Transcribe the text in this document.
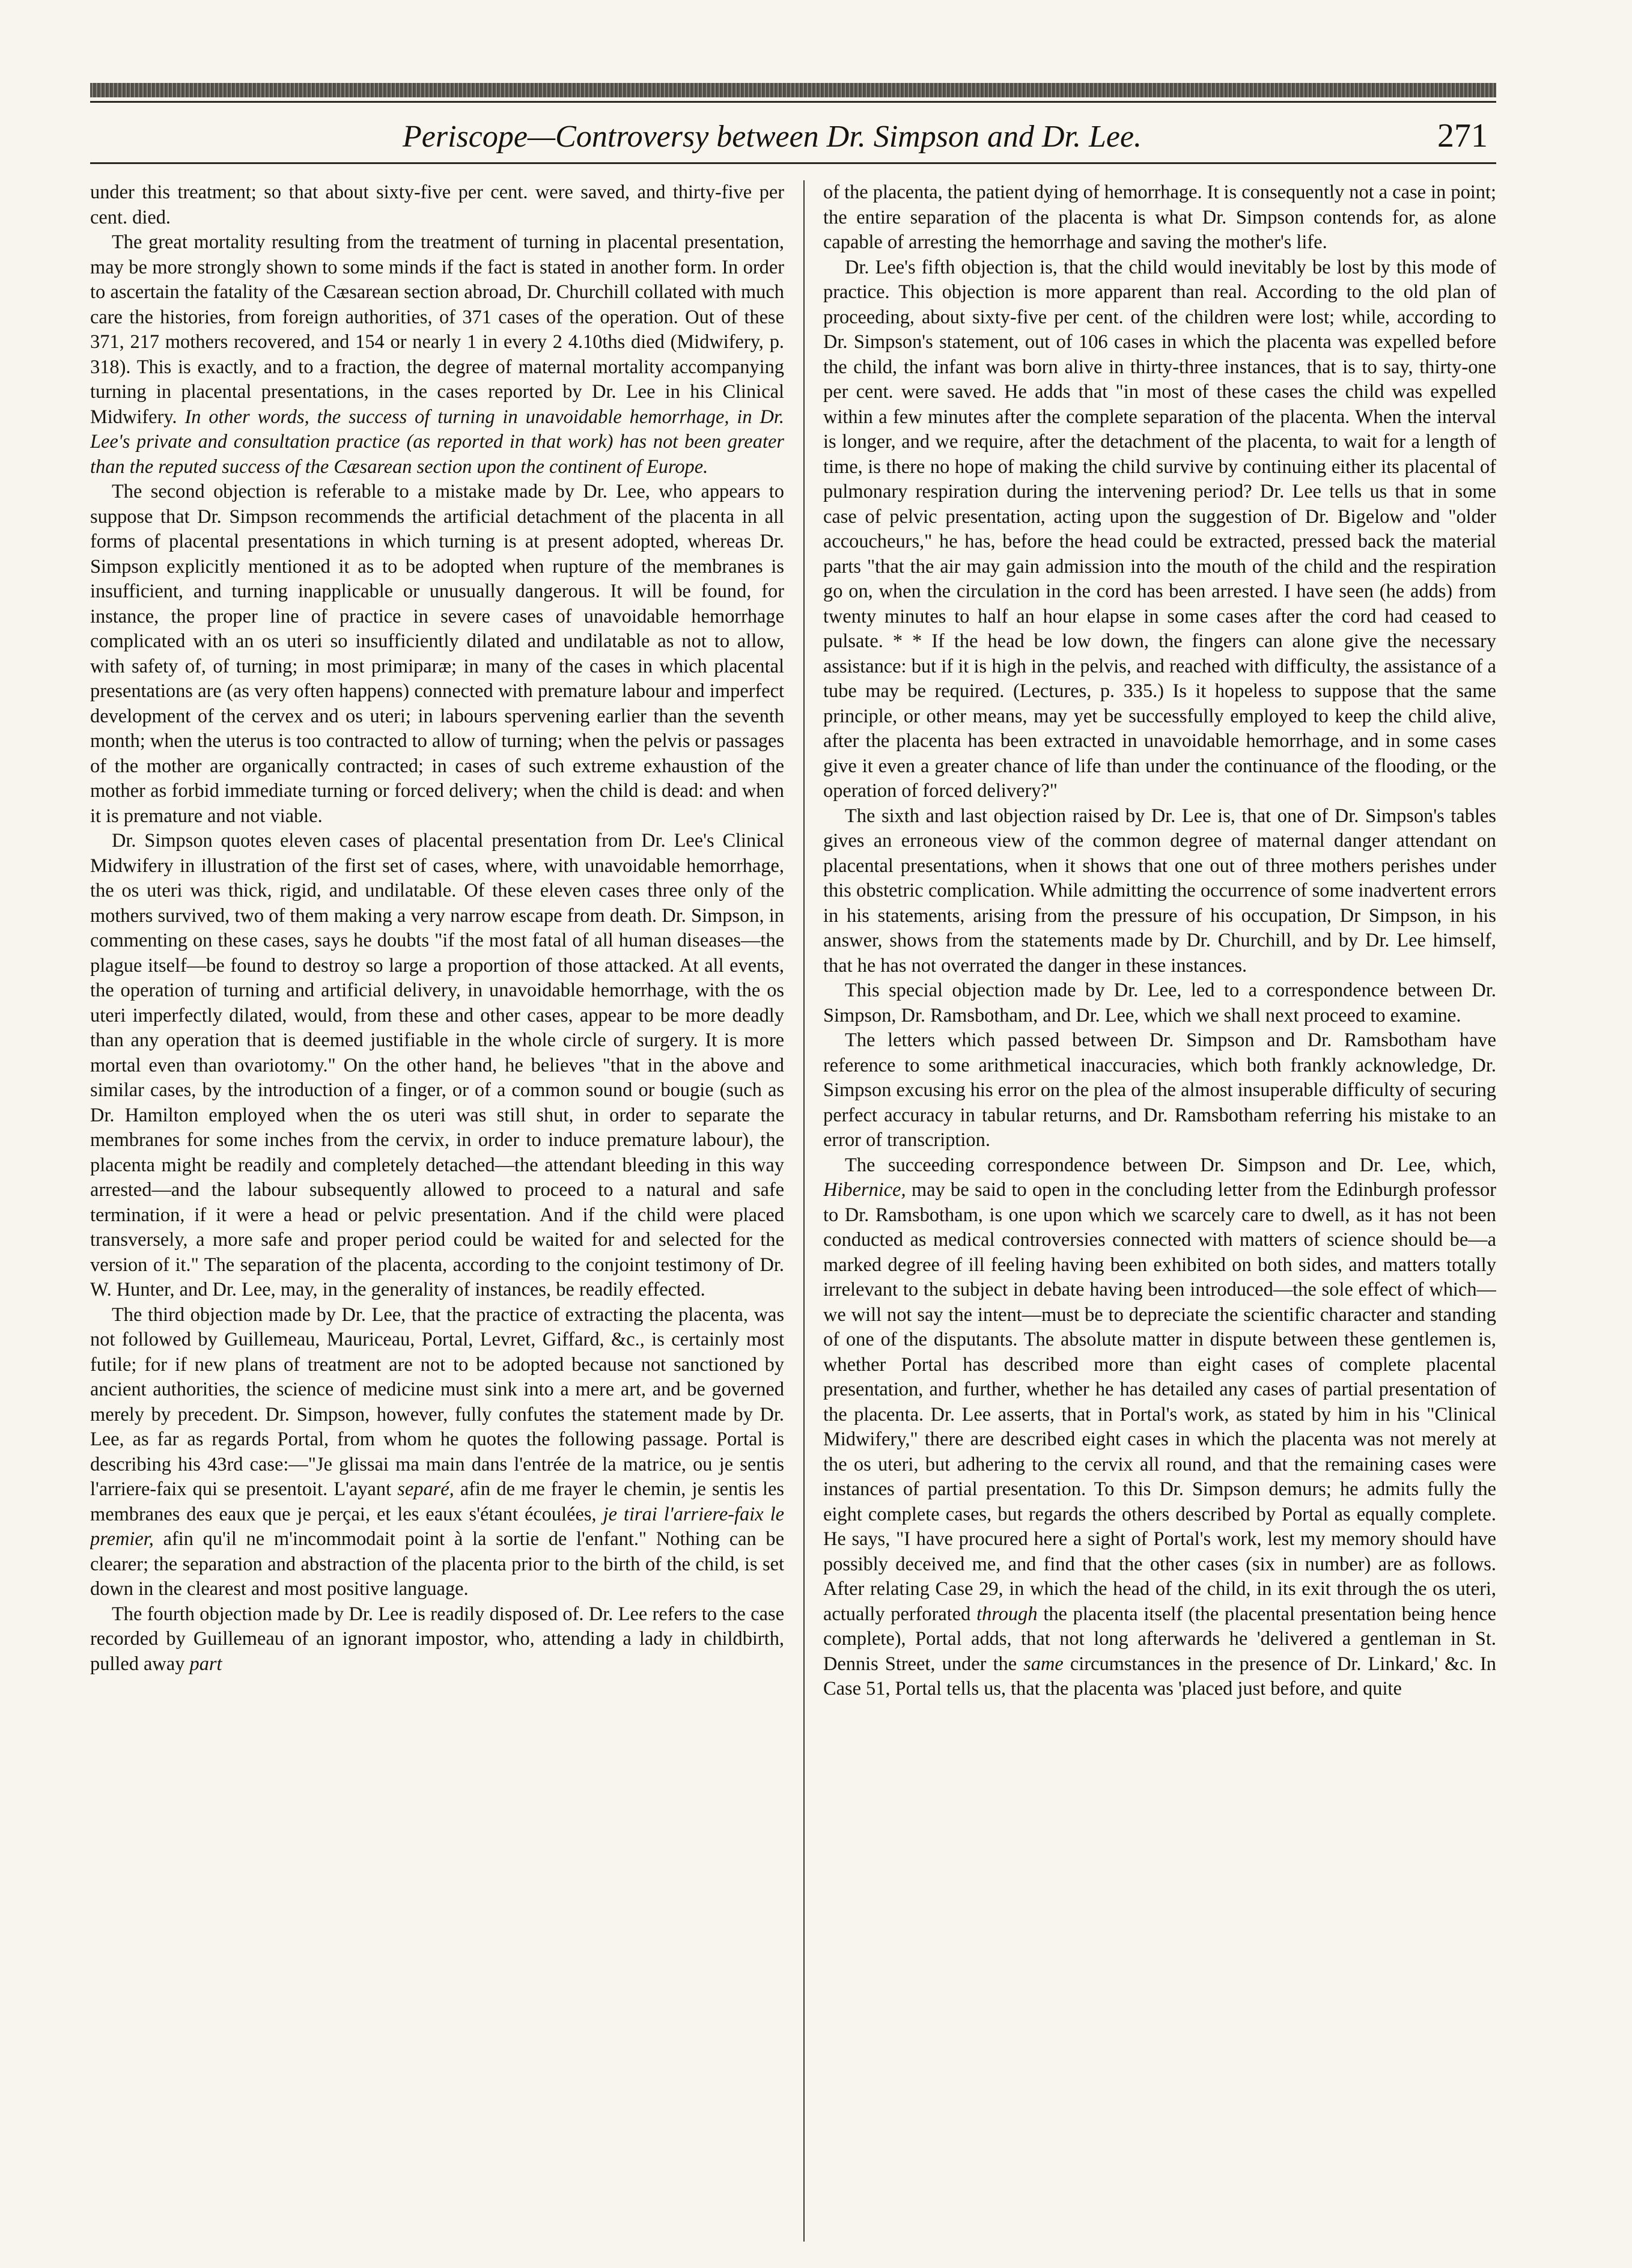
Periscope—Controversy between Dr. Simpson and Dr. Lee.	271

under this treatment; so that about sixty-five per cent. were saved, and thirty-five per cent. died.

The great mortality resulting from the treatment of turning in placental presentation, may be more strongly shown to some minds if the fact is stated in another form. In order to ascertain the fatality of the Cæsarean section abroad, Dr. Churchill collated with much care the histories, from foreign authorities, of 371 cases of the operation. Out of these 371, 217 mothers recovered, and 154 or nearly 1 in every 2 4.10ths died (Midwifery, p. 318). This is exactly, and to a fraction, the degree of maternal mortality accompanying turning in placental presentations, in the cases reported by Dr. Lee in his Clinical Midwifery. In other words, the success of turning in unavoidable hemorrhage, in Dr. Lee's private and consultation practice (as reported in that work) has not been greater than the reputed success of the Cæsarean section upon the continent of Europe.

The second objection is referable to a mistake made by Dr. Lee, who appears to suppose that Dr. Simpson recommends the artificial detachment of the placenta in all forms of placental presentations in which turning is at present adopted, whereas Dr. Simpson explicitly mentioned it as to be adopted when rupture of the membranes is insufficient, and turning inapplicable or unusually dangerous. It will be found, for instance, the proper line of practice in severe cases of unavoidable hemorrhage complicated with an os uteri so insufficiently dilated and undilatable as not to allow, with safety of, of turning; in most primiparæ; in many of the cases in which placental presentations are (as very often happens) connected with premature labour and imperfect development of the cervex and os uteri; in labours spervening earlier than the seventh month; when the uterus is too contracted to allow of turning; when the pelvis or passages of the mother are organically contracted; in cases of such extreme exhaustion of the mother as forbid immediate turning or forced delivery; when the child is dead: and when it is premature and not viable.

Dr. Simpson quotes eleven cases of placental presentation from Dr. Lee's Clinical Midwifery in illustration of the first set of cases, where, with unavoidable hemorrhage, the os uteri was thick, rigid, and undilatable. Of these eleven cases three only of the mothers survived, two of them making a very narrow escape from death. Dr. Simpson, in commenting on these cases, says he doubts "if the most fatal of all human diseases—the plague itself—be found to destroy so large a proportion of those attacked. At all events, the operation of turning and artificial delivery, in unavoidable hemorrhage, with the os uteri imperfectly dilated, would, from these and other cases, appear to be more deadly than any operation that is deemed justifiable in the whole circle of surgery. It is more mortal even than ovariotomy." On the other hand, he believes "that in the above and similar cases, by the introduction of a finger, or of a common sound or bougie (such as Dr. Hamilton employed when the os uteri was still shut, in order to separate the membranes for some inches from the cervix, in order to induce premature labour), the placenta might be readily and completely detached—the attendant bleeding in this way arrested—and the labour subsequently allowed to proceed to a natural and safe termination, if it were a head or pelvic presentation. And if the child were placed transversely, a more safe and proper period could be waited for and selected for the version of it." The separation of the placenta, according to the conjoint testimony of Dr. W. Hunter, and Dr. Lee, may, in the generality of instances, be readily effected.

The third objection made by Dr. Lee, that the practice of extracting the placenta, was not followed by Guillemeau, Mauriceau, Portal, Levret, Giffard, &c., is certainly most futile; for if new plans of treatment are not to be adopted because not sanctioned by ancient authorities, the science of medicine must sink into a mere art, and be governed merely by precedent. Dr. Simpson, however, fully confutes the statement made by Dr. Lee, as far as regards Portal, from whom he quotes the following passage. Portal is describing his 43rd case:—"Je glissai ma main dans l'entrée de la matrice, ou je sentis l'arriere-faix qui se presentoit. L'ayant separé, afin de me frayer le chemin, je sentis les membranes des eaux que je perçai, et les eaux s'étant écoulées, je tirai l'arriere-faix le premier, afin qu'il ne m'incommodait point à la sortie de l'enfant." Nothing can be clearer; the separation and abstraction of the placenta prior to the birth of the child, is set down in the clearest and most positive language.

The fourth objection made by Dr. Lee is readily disposed of. Dr. Lee refers to the case recorded by Guillemeau of an ignorant impostor, who, attending a lady in childbirth, pulled away part

of the placenta, the patient dying of hemorrhage. It is consequently not a case in point; the entire separation of the placenta is what Dr. Simpson contends for, as alone capable of arresting the hemorrhage and saving the mother's life.

Dr. Lee's fifth objection is, that the child would inevitably be lost by this mode of practice. This objection is more apparent than real. According to the old plan of proceeding, about sixty-five per cent. of the children were lost; while, according to Dr. Simpson's statement, out of 106 cases in which the placenta was expelled before the child, the infant was born alive in thirty-three instances, that is to say, thirty-one per cent. were saved. He adds that "in most of these cases the child was expelled within a few minutes after the complete separation of the placenta. When the interval is longer, and we require, after the detachment of the placenta, to wait for a length of time, is there no hope of making the child survive by continuing either its placental of pulmonary respiration during the intervening period? Dr. Lee tells us that in some case of pelvic presentation, acting upon the suggestion of Dr. Bigelow and "older accoucheurs," he has, before the head could be extracted, pressed back the material parts "that the air may gain admission into the mouth of the child and the respiration go on, when the circulation in the cord has been arrested. I have seen (he adds) from twenty minutes to half an hour elapse in some cases after the cord had ceased to pulsate. * * If the head be low down, the fingers can alone give the necessary assistance: but if it is high in the pelvis, and reached with difficulty, the assistance of a tube may be required. (Lectures, p. 335.) Is it hopeless to suppose that the same principle, or other means, may yet be successfully employed to keep the child alive, after the placenta has been extracted in unavoidable hemorrhage, and in some cases give it even a greater chance of life than under the continuance of the flooding, or the operation of forced delivery?"

The sixth and last objection raised by Dr. Lee is, that one of Dr. Simpson's tables gives an erroneous view of the common degree of maternal danger attendant on placental presentations, when it shows that one out of three mothers perishes under this obstetric complication. While admitting the occurrence of some inadvertent errors in his statements, arising from the pressure of his occupation, Dr Simpson, in his answer, shows from the statements made by Dr. Churchill, and by Dr. Lee himself, that he has not overrated the danger in these instances.

This special objection made by Dr. Lee, led to a correspondence between Dr. Simpson, Dr. Ramsbotham, and Dr. Lee, which we shall next proceed to examine.

The letters which passed between Dr. Simpson and Dr. Ramsbotham have reference to some arithmetical inaccuracies, which both frankly acknowledge, Dr. Simpson excusing his error on the plea of the almost insuperable difficulty of securing perfect accuracy in tabular returns, and Dr. Ramsbotham referring his mistake to an error of transcription.

The succeeding correspondence between Dr. Simpson and Dr. Lee, which, Hibernice, may be said to open in the concluding letter from the Edinburgh professor to Dr. Ramsbotham, is one upon which we scarcely care to dwell, as it has not been conducted as medical controversies connected with matters of science should be—a marked degree of ill feeling having been exhibited on both sides, and matters totally irrelevant to the subject in debate having been introduced—the sole effect of which—we will not say the intent—must be to depreciate the scientific character and standing of one of the disputants. The absolute matter in dispute between these gentlemen is, whether Portal has described more than eight cases of complete placental presentation, and further, whether he has detailed any cases of partial presentation of the placenta. Dr. Lee asserts, that in Portal's work, as stated by him in his "Clinical Midwifery," there are described eight cases in which the placenta was not merely at the os uteri, but adhering to the cervix all round, and that the remaining cases were instances of partial presentation. To this Dr. Simpson demurs; he admits fully the eight complete cases, but regards the others described by Portal as equally complete. He says, "I have procured here a sight of Portal's work, lest my memory should have possibly deceived me, and find that the other cases (six in number) are as follows. After relating Case 29, in which the head of the child, in its exit through the os uteri, actually perforated through the placenta itself (the placental presentation being hence complete), Portal adds, that not long afterwards he 'delivered a gentleman in St. Dennis Street, under the same circumstances in the presence of Dr. Linkard,' &c. In Case 51, Portal tells us, that the placenta was 'placed just before, and quite
